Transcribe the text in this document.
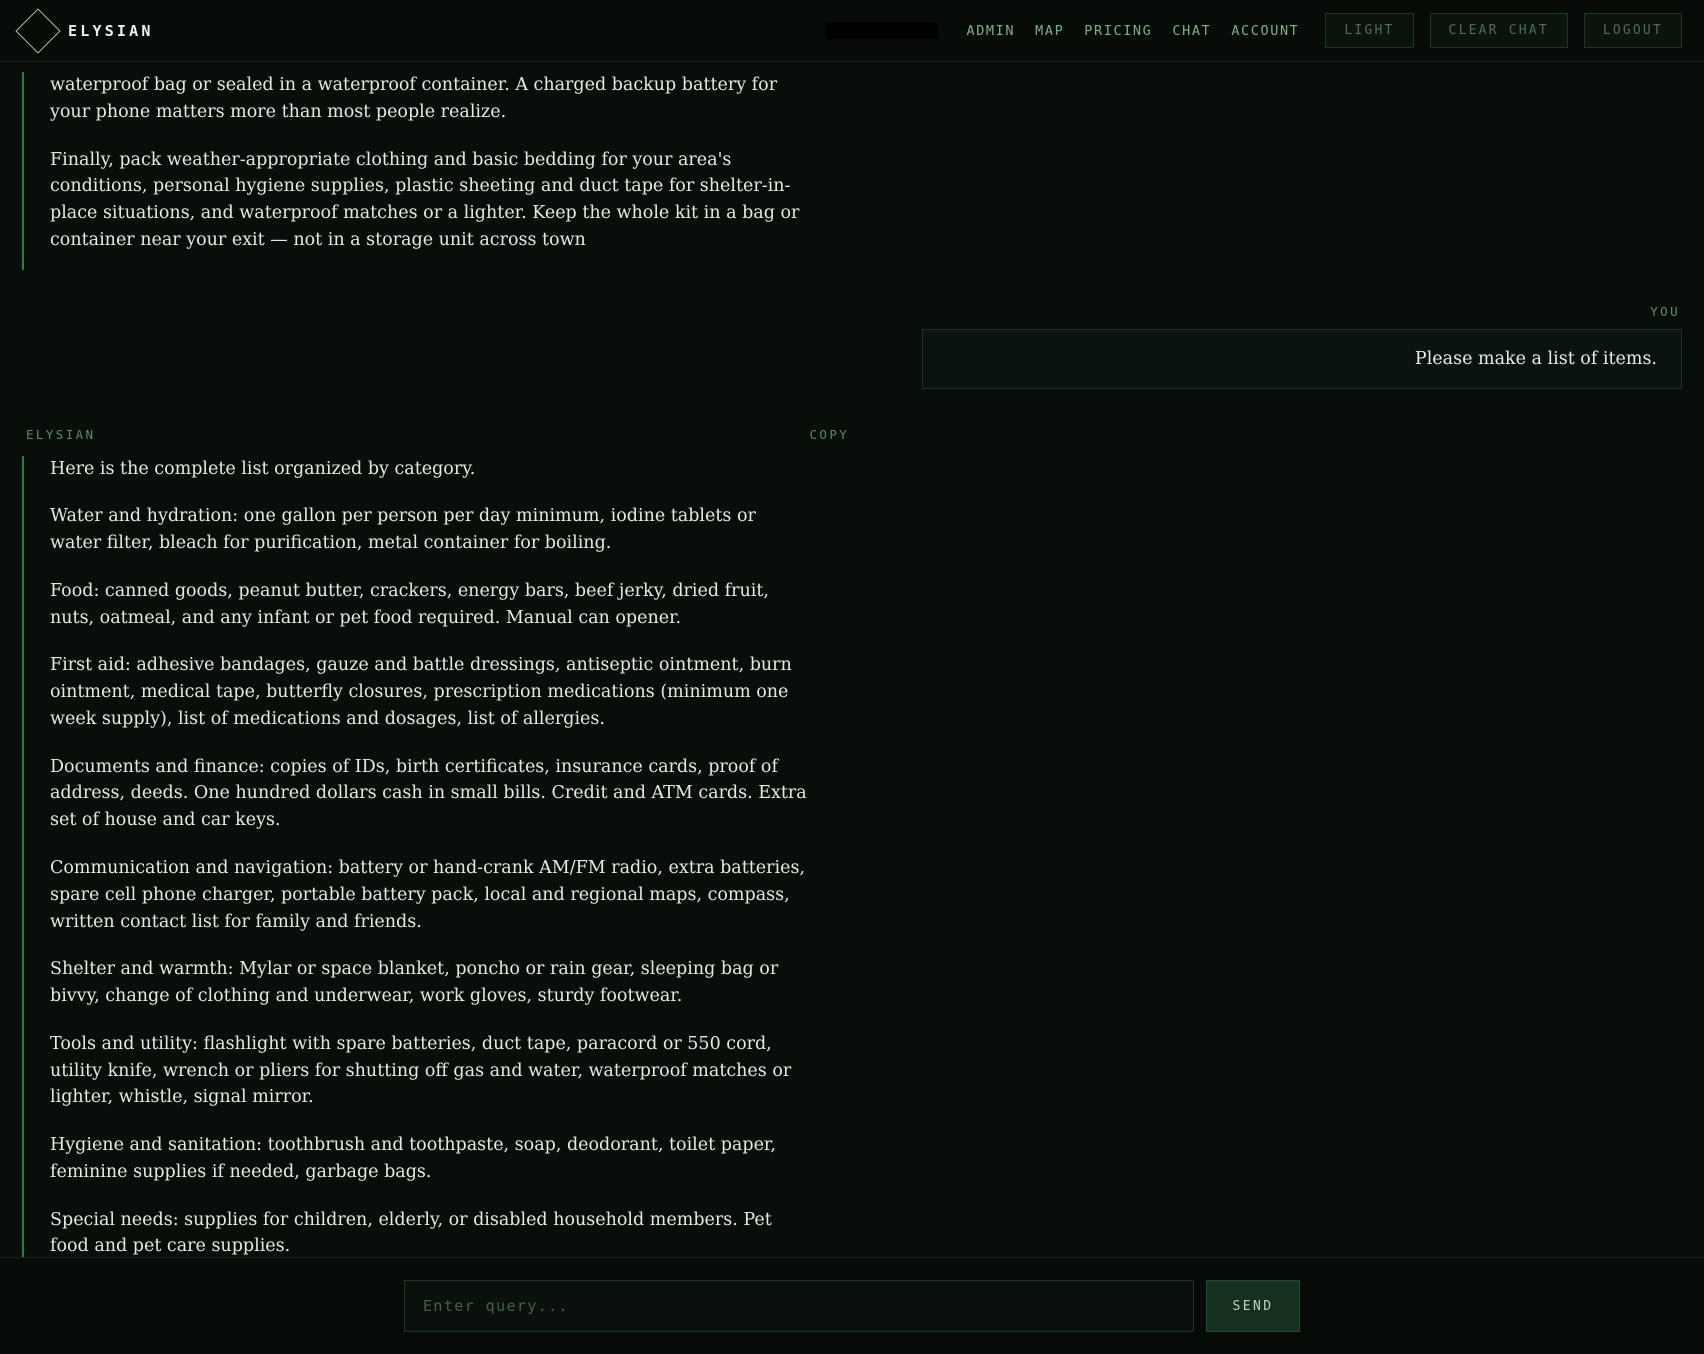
ELYSIAN	ADMIN	MAP	PRICING	CHAT	ACCOUNT	LIGHT	CLEAR CHAT	LOGOUT

waterproof bag or sealed in a waterproof container. A charged backup battery for your phone matters more than most people realize.

Finally, pack weather-appropriate clothing and basic bedding for your area's conditions, personal hygiene supplies, plastic sheeting and duct tape for shelter-in-place situations, and waterproof matches or a lighter. Keep the whole kit in a bag or container near your exit — not in a storage unit across town

YOU

Please make a list of items.

ELYSIAN	COPY

Here is the complete list organized by category.

Water and hydration: one gallon per person per day minimum, iodine tablets or water filter, bleach for purification, metal container for boiling.

Food: canned goods, peanut butter, crackers, energy bars, beef jerky, dried fruit, nuts, oatmeal, and any infant or pet food required. Manual can opener.

First aid: adhesive bandages, gauze and battle dressings, antiseptic ointment, burn ointment, medical tape, butterfly closures, prescription medications (minimum one week supply), list of medications and dosages, list of allergies.

Documents and finance: copies of IDs, birth certificates, insurance cards, proof of address, deeds. One hundred dollars cash in small bills. Credit and ATM cards. Extra set of house and car keys.

Communication and navigation: battery or hand-crank AM/FM radio, extra batteries, spare cell phone charger, portable battery pack, local and regional maps, compass, written contact list for family and friends.

Shelter and warmth: Mylar or space blanket, poncho or rain gear, sleeping bag or bivvy, change of clothing and underwear, work gloves, sturdy footwear.

Tools and utility: flashlight with spare batteries, duct tape, paracord or 550 cord, utility knife, wrench or pliers for shutting off gas and water, waterproof matches or lighter, whistle, signal mirror.

Hygiene and sanitation: toothbrush and toothpaste, soap, deodorant, toilet paper, feminine supplies if needed, garbage bags.

Special needs: supplies for children, elderly, or disabled household members. Pet food and pet care supplies.

Enter query...
SEND
